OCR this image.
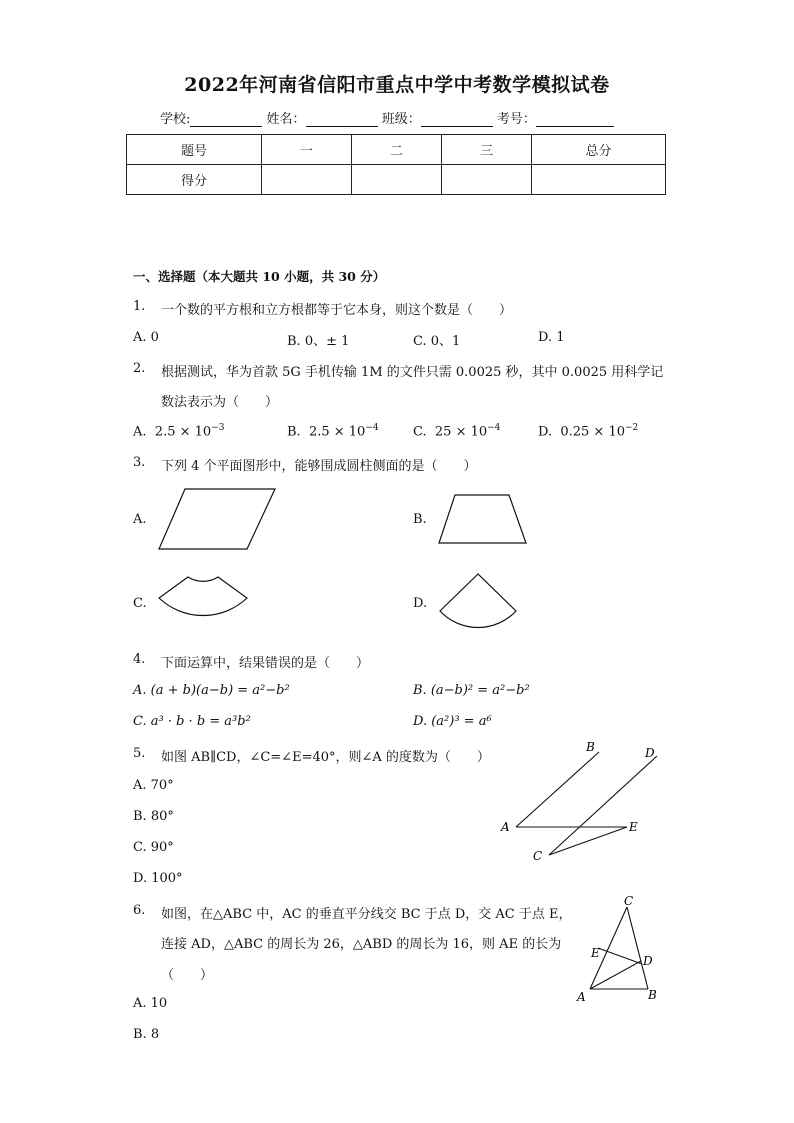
2022年河南省信阳市重点中学中考数学模拟试卷
学校:	姓名：	班级：	考号：
题号	一	二	三	总分
得分				
一、选择题（本大题共 10 小题，共 30 分）
1. 一个数的平方根和立方根都等于它本身，则这个数是（　　）
A. 0	B. 0、± 1	C. 0、1	D. 1
2. 根据测试，华为首款 5G 手机传输 1M 的文件只需 0.0025 秒，其中 0.0025 用科学记
数法表示为（　　）
A. $2.5 \times 10^{-3}$	B. $2.5 \times 10^{-4}$	C. $25 \times 10^{-4}$	D. $0.25 \times 10^{-2}$
3. 下列 4 个平面图形中，能够围成圆柱侧面的是（　　）
A.	B.
C.	D.
4. 下面运算中，结果错误的是（　　）
A. (a + b)(a−b) = a²−b²	B. (a−b)² = a²−b²
C. a³ · b · b = a³b²	D. (a²)³ = a⁶
5. 如图 AB∥CD，∠C=∠E=40°，则∠A 的度数为（　　）
A. 70°
B. 80°
C. 90°
D. 100°
B	D
A	E
C
6. 如图，在△ABC 中，AC 的垂直平分线交 BC 于点 D，交 AC 于点 E，
连接 AD，△ABC 的周长为 26，△ABD 的周长为 16，则 AE 的长为
（　　）
A. 10
B. 8
C
E
D
A	B
